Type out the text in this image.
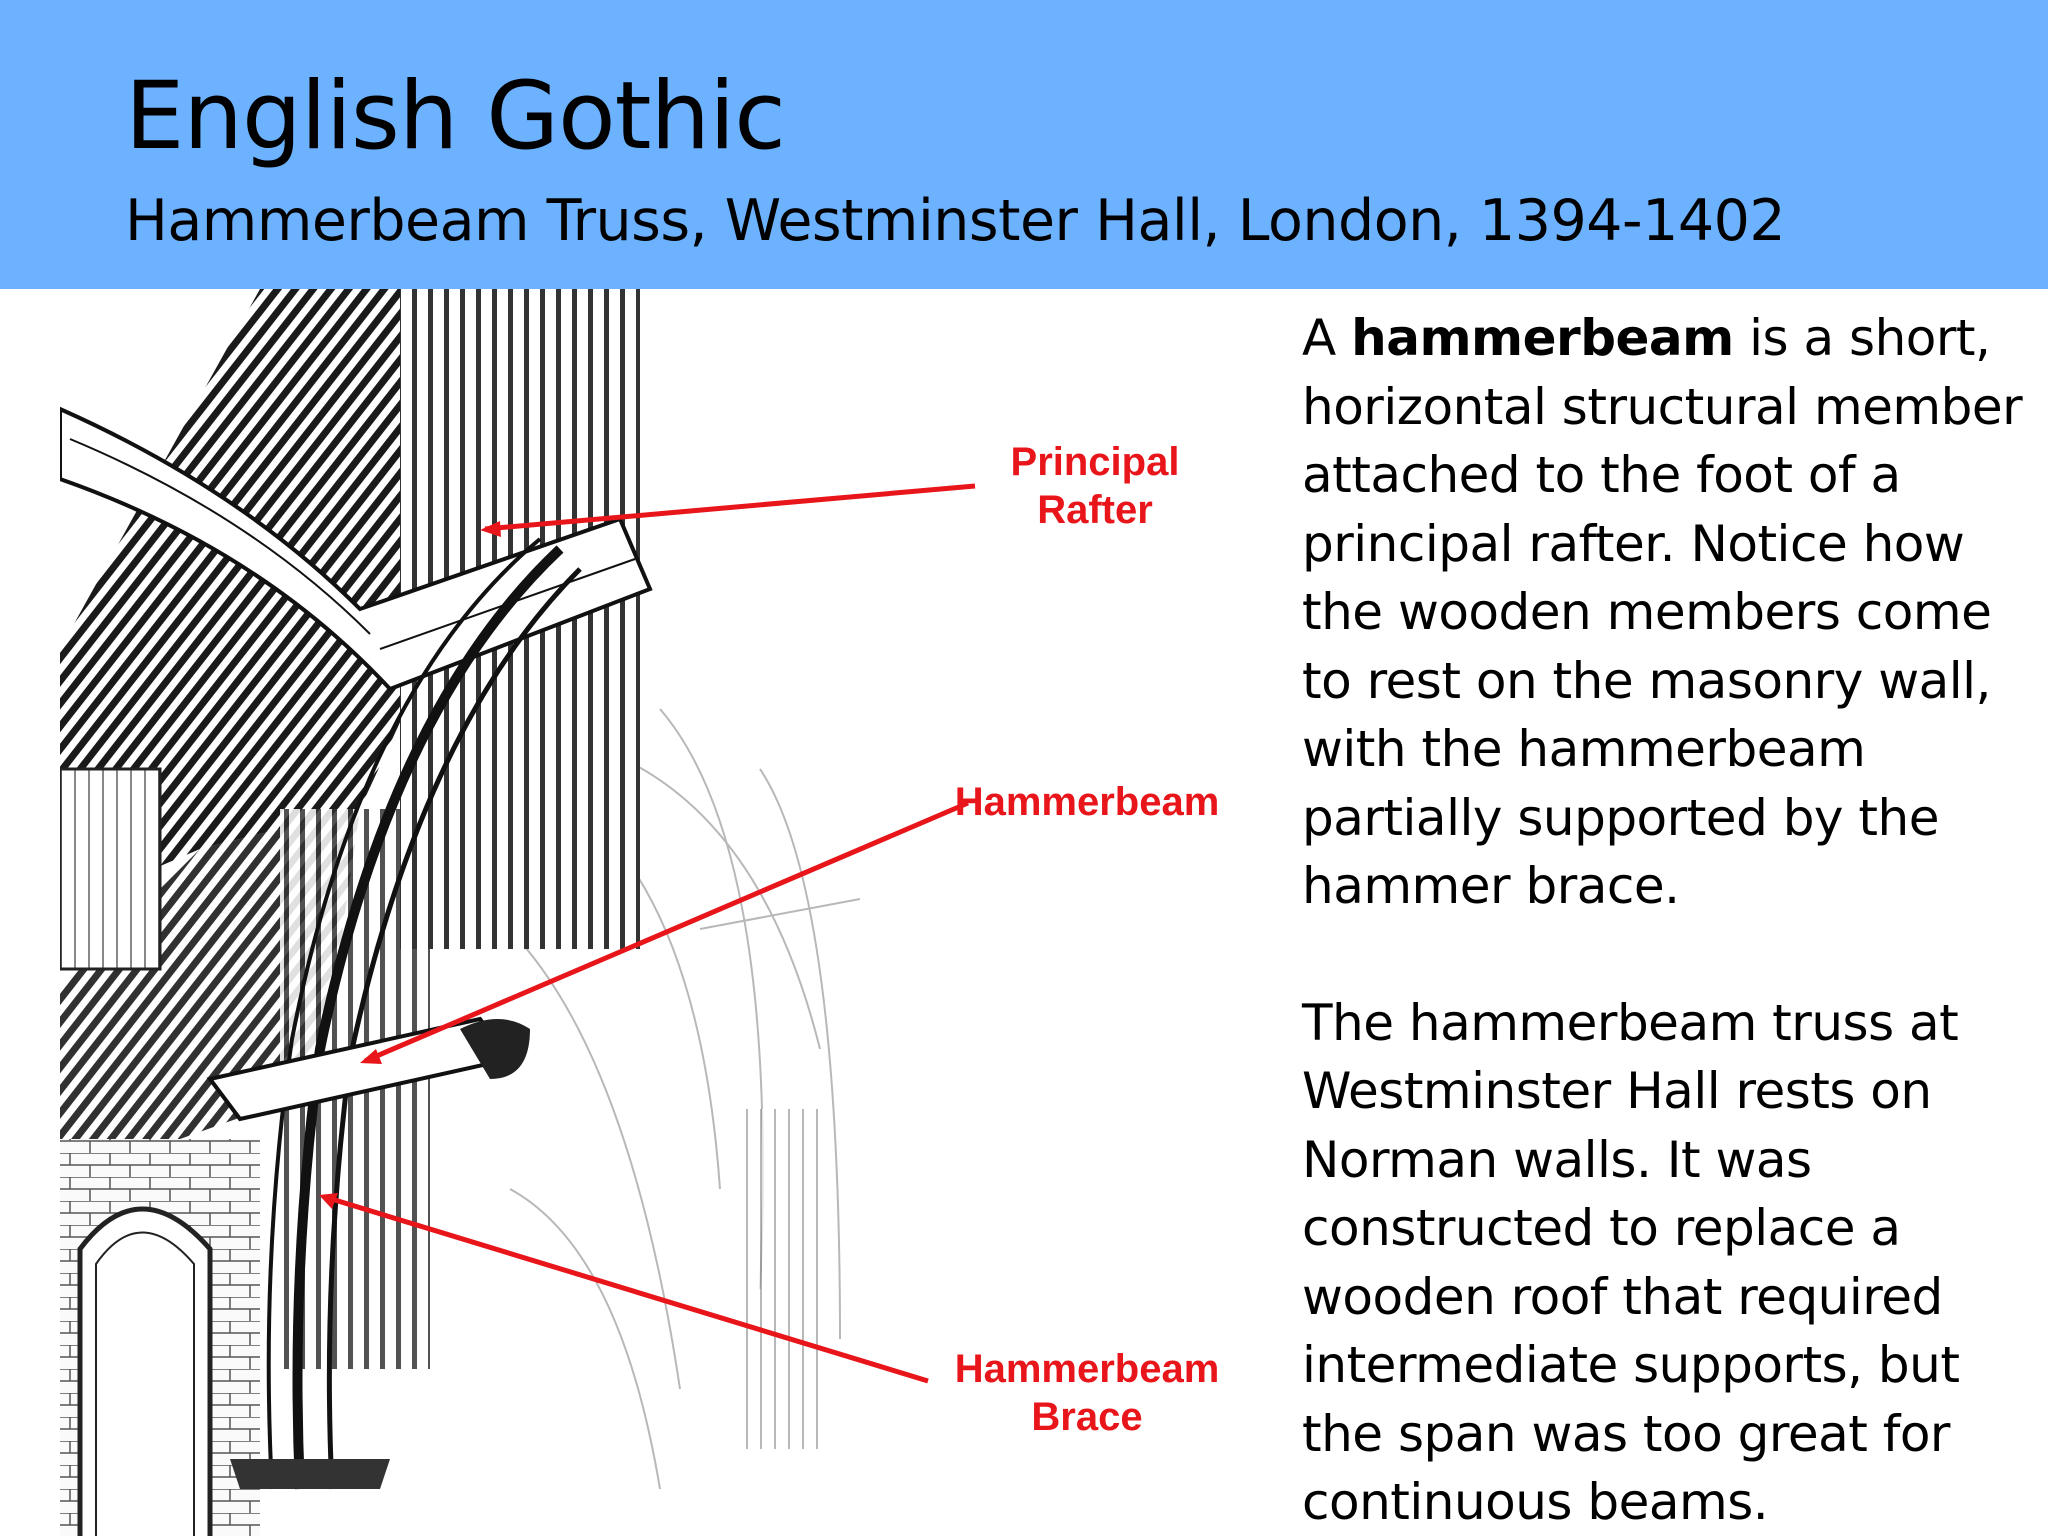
English Gothic
Hammerbeam Truss, Westminster Hall, London, 1394-1402
Principal
Rafter
Hammerbeam
Hammerbeam
Brace

A hammerbeam is a short, horizontal structural member attached to the foot of a principal rafter. Notice how the wooden members come to rest on the masonry wall, with the hammerbeam partially supported by the hammer brace.

The hammerbeam truss at Westminster Hall rests on Norman walls. It was constructed to replace a wooden roof that required intermediate supports, but the span was too great for continuous beams.
